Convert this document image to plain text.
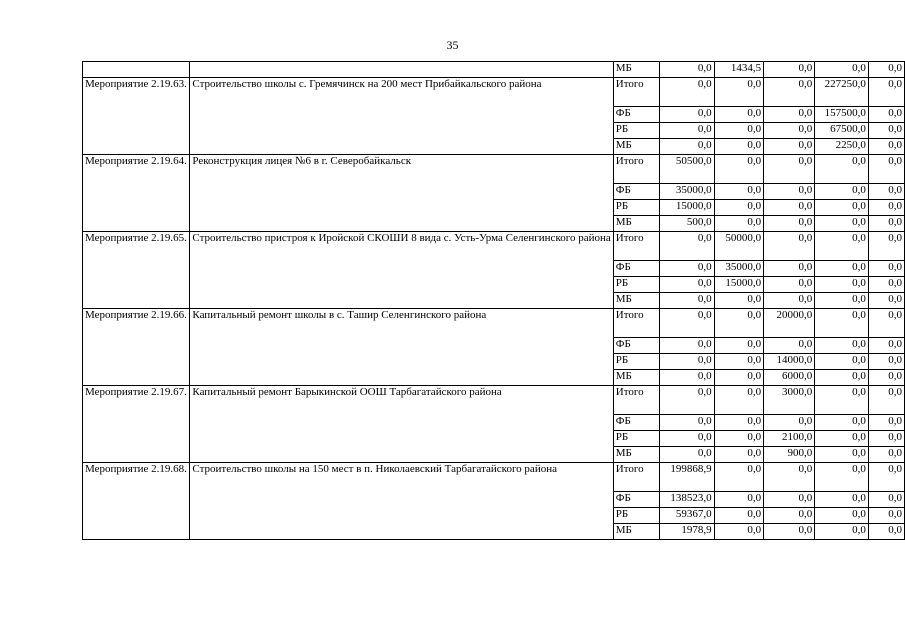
35
		МБ	0,0	1434,5	0,0	0,0	0,0
Мероприятие 2.19.63.	Строительство школы с. Гремячинск на 200 мест Прибайкальского района	Итого	0,0	0,0	0,0	227250,0	0,0
		ФБ	0,0	0,0	0,0	157500,0	0,0
		РБ	0,0	0,0	0,0	67500,0	0,0
		МБ	0,0	0,0	0,0	2250,0	0,0
Мероприятие 2.19.64.	Реконструкция лицея №6 в г. Северобайкальск	Итого	50500,0	0,0	0,0	0,0	0,0
		ФБ	35000,0	0,0	0,0	0,0	0,0
		РБ	15000,0	0,0	0,0	0,0	0,0
		МБ	500,0	0,0	0,0	0,0	0,0
Мероприятие 2.19.65.	Строительство пристроя к Иройской СКОШИ 8 вида с. Усть-Урма Селенгинского района	Итого	0,0	50000,0	0,0	0,0	0,0
		ФБ	0,0	35000,0	0,0	0,0	0,0
		РБ	0,0	15000,0	0,0	0,0	0,0
		МБ	0,0	0,0	0,0	0,0	0,0
Мероприятие 2.19.66.	Капитальный ремонт школы в с. Ташир Селенгинского района	Итого	0,0	0,0	20000,0	0,0	0,0
		ФБ	0,0	0,0	0,0	0,0	0,0
		РБ	0,0	0,0	14000,0	0,0	0,0
		МБ	0,0	0,0	6000,0	0,0	0,0
Мероприятие 2.19.67.	Капитальный ремонт Барыкинской ООШ Тарбагатайского района	Итого	0,0	0,0	3000,0	0,0	0,0
		ФБ	0,0	0,0	0,0	0,0	0,0
		РБ	0,0	0,0	2100,0	0,0	0,0
		МБ	0,0	0,0	900,0	0,0	0,0
Мероприятие 2.19.68.	Строительство школы на 150 мест в п. Николаевский Тарбагатайского района	Итого	199868,9	0,0	0,0	0,0	0,0
		ФБ	138523,0	0,0	0,0	0,0	0,0
		РБ	59367,0	0,0	0,0	0,0	0,0
		МБ	1978,9	0,0	0,0	0,0	0,0
